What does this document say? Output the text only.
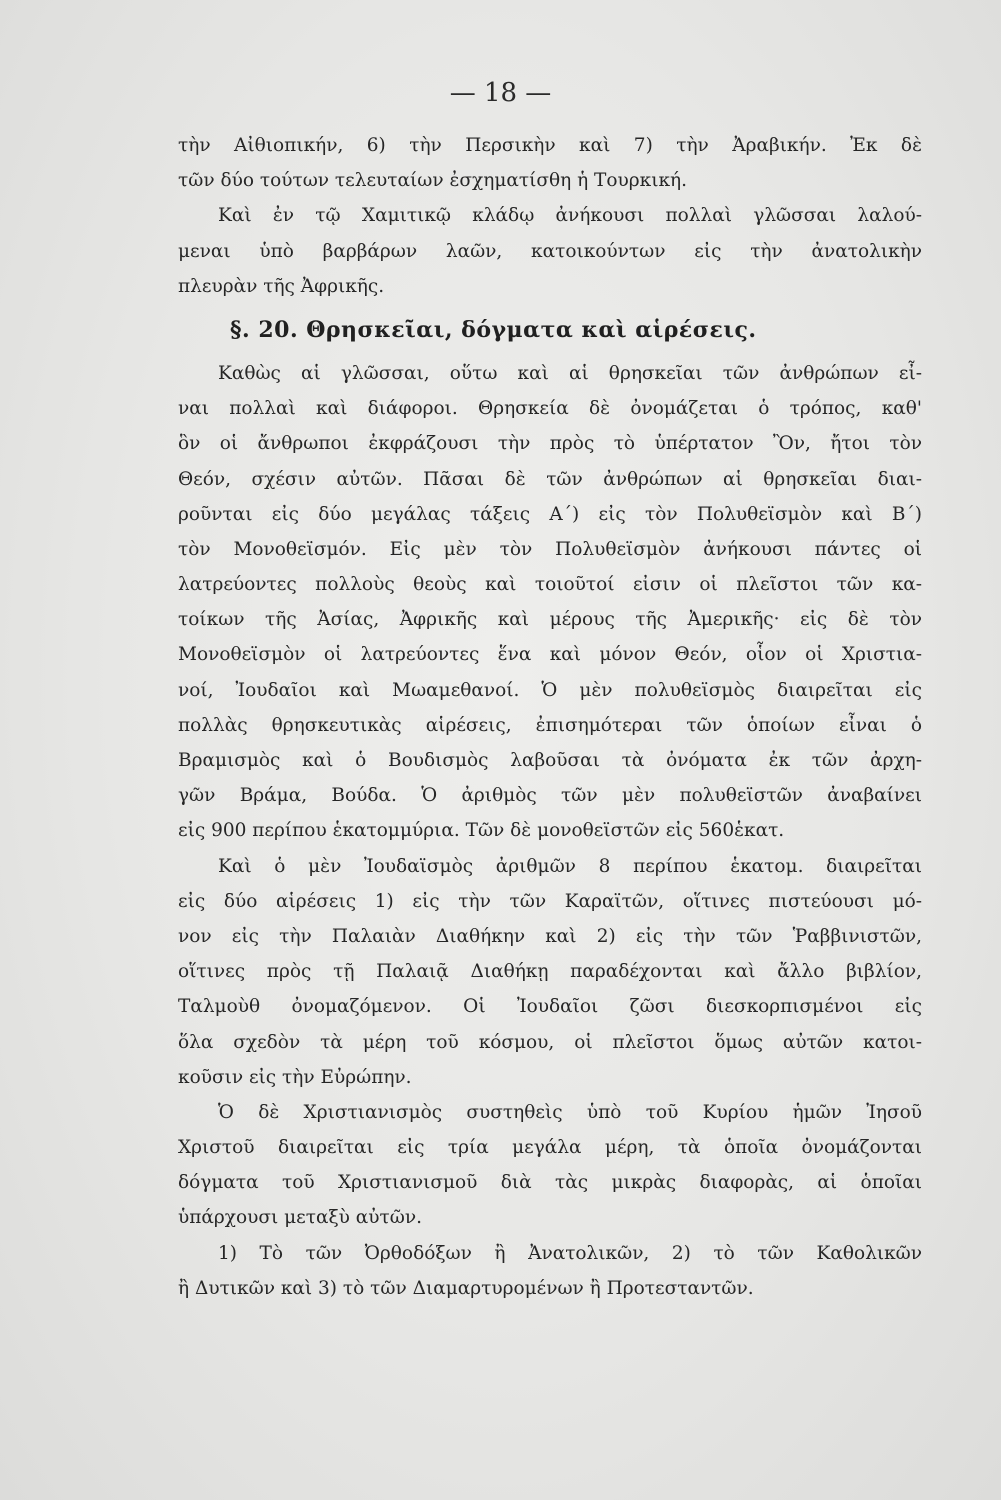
— 18 —

τὴν Αἰθιοπικήν, 6) τὴν Περσικὴν καὶ 7) τὴν Ἀραβικήν. Ἐκ δὲ
τῶν δύο τούτων τελευταίων ἐσχηματίσθη ἡ Τουρκική.

Καὶ ἐν τῷ Χαμιτικῷ κλάδῳ ἀνήκουσι πολλαὶ γλῶσσαι λαλού-
μεναι ὑπὸ βαρβάρων λαῶν, κατοικούντων εἰς τὴν ἀνατολικὴν
πλευρὰν τῆς Ἀφρικῆς.

§. 20. Θρησκεῖαι, δόγματα καὶ αἱρέσεις.

Καθὼς αἱ γλῶσσαι, οὕτω καὶ αἱ θρησκεῖαι τῶν ἀνθρώπων εἶ-
ναι πολλαὶ καὶ διάφοροι. Θρησκεία δὲ ὀνομάζεται ὁ τρόπος, καθ'
ὃν οἱ ἄνθρωποι ἐκφράζουσι τὴν πρὸς τὸ ὑπέρτατον Ὂν, ἤτοι τὸν
Θεόν, σχέσιν αὐτῶν. Πᾶσαι δὲ τῶν ἀνθρώπων αἱ θρησκεῖαι διαι-
ροῦνται εἰς δύο μεγάλας τάξεις Α΄) εἰς τὸν Πολυθεϊσμὸν καὶ Β΄)
τὸν Μονοθεϊσμόν. Εἰς μὲν τὸν Πολυθεϊσμὸν ἀνήκουσι πάντες οἱ
λατρεύοντες πολλοὺς θεοὺς καὶ τοιοῦτοί εἰσιν οἱ πλεῖστοι τῶν κα-
τοίκων τῆς Ἀσίας, Ἀφρικῆς καὶ μέρους τῆς Ἀμερικῆς· εἰς δὲ τὸν
Μονοθεϊσμὸν οἱ λατρεύοντες ἕνα καὶ μόνον Θεόν, οἷον οἱ Χριστια-
νοί, Ἰουδαῖοι καὶ Μωαμεθανοί. Ὁ μὲν πολυθεϊσμὸς διαιρεῖται εἰς
πολλὰς θρησκευτικὰς αἱρέσεις, ἐπισημότεραι τῶν ὁποίων εἶναι ὁ
Βραμισμὸς καὶ ὁ Βουδισμὸς λαβοῦσαι τὰ ὀνόματα ἐκ τῶν ἀρχη-
γῶν Βράμα, Βούδα. Ὁ ἀριθμὸς τῶν μὲν πολυθεϊστῶν ἀναβαίνει
εἰς 900 περίπου ἑκατομμύρια. Τῶν δὲ μονοθεϊστῶν εἰς 560ἑκατ.

Καὶ ὁ μὲν Ἰουδαϊσμὸς ἀριθμῶν 8 περίπου ἑκατομ. διαιρεῖται
εἰς δύο αἱρέσεις 1) εἰς τὴν τῶν Καραϊτῶν, οἵτινες πιστεύουσι μό-
νον εἰς τὴν Παλαιὰν Διαθήκην καὶ 2) εἰς τὴν τῶν Ῥαββινιστῶν,
οἵτινες πρὸς τῇ Παλαιᾷ Διαθήκῃ παραδέχονται καὶ ἄλλο βιβλίον,
Ταλμοὺθ ὀνομαζόμενον. Οἱ Ἰουδαῖοι ζῶσι διεσκορπισμένοι εἰς
ὅλα σχεδὸν τὰ μέρη τοῦ κόσμου, οἱ πλεῖστοι ὅμως αὐτῶν κατοι-
κοῦσιν εἰς τὴν Εὐρώπην.

Ὁ δὲ Χριστιανισμὸς συστηθεὶς ὑπὸ τοῦ Κυρίου ἡμῶν Ἰησοῦ
Χριστοῦ διαιρεῖται εἰς τρία μεγάλα μέρη, τὰ ὁποῖα ὀνομάζονται
δόγματα τοῦ Χριστιανισμοῦ διὰ τὰς μικρὰς διαφορὰς, αἱ ὁποῖαι
ὑπάρχουσι μεταξὺ αὐτῶν.

1) Τὸ τῶν Ὀρθοδόξων ἢ Ἀνατολικῶν, 2) τὸ τῶν Καθολικῶν
ἢ Δυτικῶν καὶ 3) τὸ τῶν Διαμαρτυρομένων ἢ Προτεσταντῶν.
